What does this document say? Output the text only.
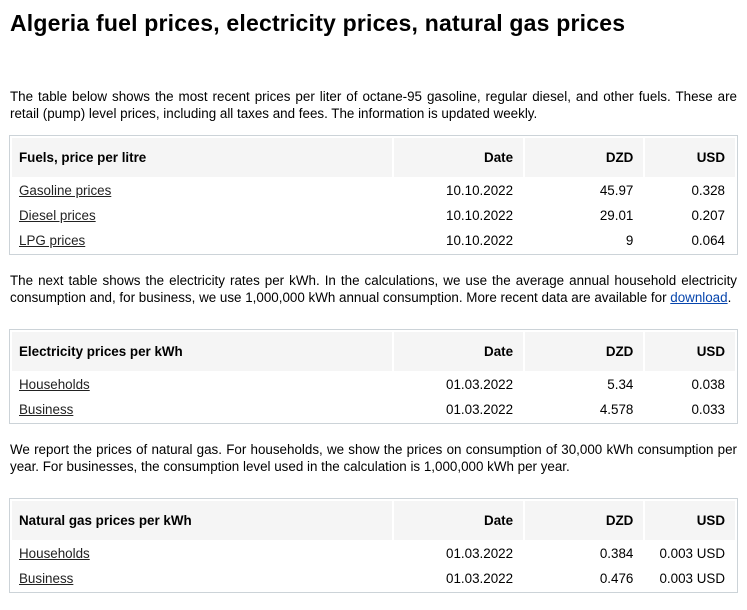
Algeria fuel prices, electricity prices, natural gas prices

The table below shows the most recent prices per liter of octane-95 gasoline, regular diesel, and other fuels. These are retail (pump) level prices, including all taxes and fees. The information is updated weekly.

Fuels, price per litre	Date	DZD	USD
Gasoline prices	10.10.2022	45.97	0.328
Diesel prices	10.10.2022	29.01	0.207
LPG prices	10.10.2022	9	0.064

The next table shows the electricity rates per kWh. In the calculations, we use the average annual household electricity consumption and, for business, we use 1,000,000 kWh annual consumption. More recent data are available for download.

Electricity prices per kWh	Date	DZD	USD
Households	01.03.2022	5.34	0.038
Business	01.03.2022	4.578	0.033

We report the prices of natural gas. For households, we show the prices on consumption of 30,000 kWh consumption per year. For businesses, the consumption level used in the calculation is 1,000,000 kWh per year.

Natural gas prices per kWh	Date	DZD	USD
Households	01.03.2022	0.384	0.003 USD
Business	01.03.2022	0.476	0.003 USD
